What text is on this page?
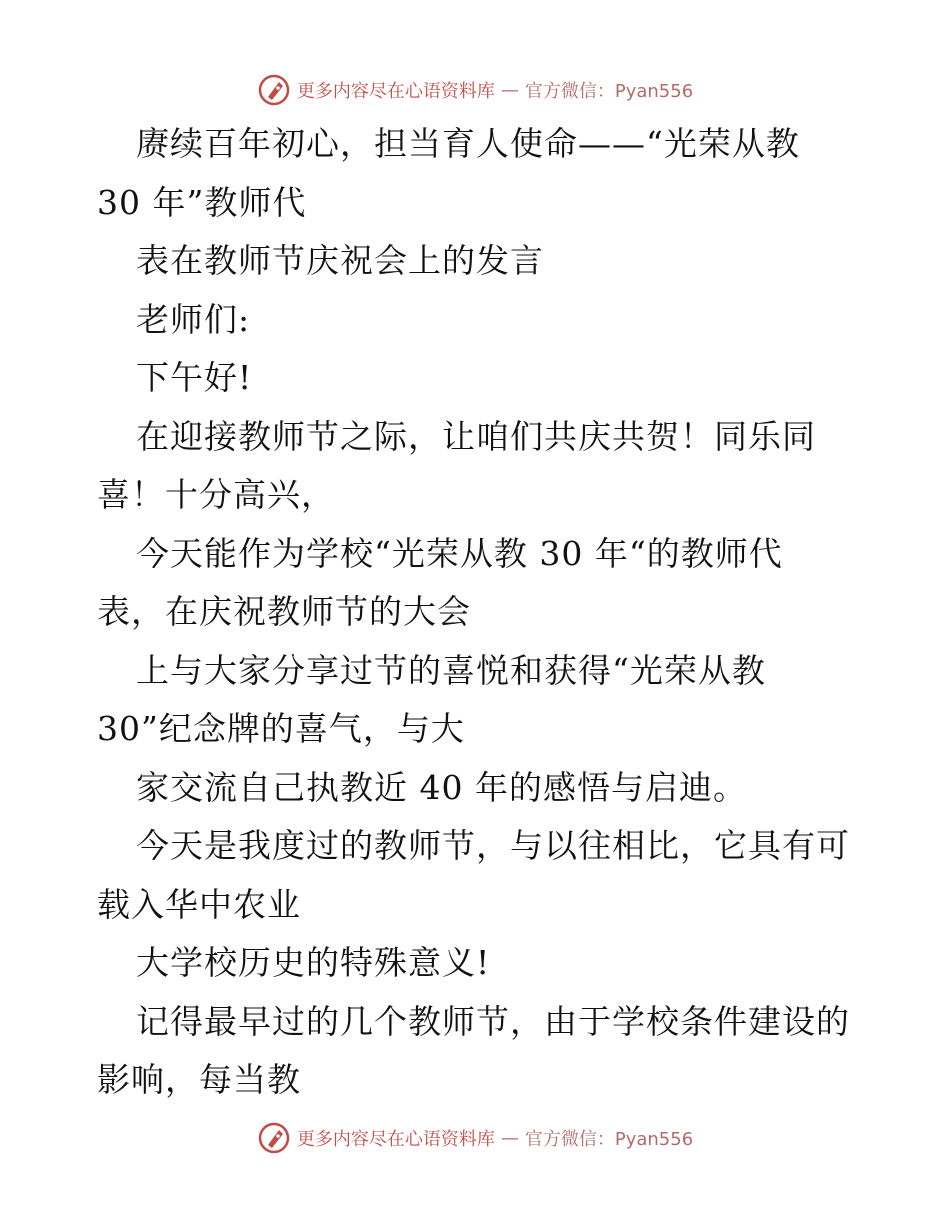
更多内容尽在心语资料库 — 官方微信：Pyan556
赓续百年初心，担当育人使命——“光荣从教
30 年”教师代
表在教师节庆祝会上的发言
老师们:
下午好!
在迎接教师节之际，让咱们共庆共贺！同乐同
喜！十分高兴，
今天能作为学校“光荣从教 30 年“的教师代
表，在庆祝教师节的大会
上与大家分享过节的喜悦和获得“光荣从教
30”纪念牌的喜气，与大
家交流自己执教近 40 年的感悟与启迪。
今天是我度过的教师节，与以往相比，它具有可
载入华中农业
大学校历史的特殊意义!
记得最早过的几个教师节，由于学校条件建设的
影响，每当教
更多内容尽在心语资料库 — 官方微信：Pyan556
